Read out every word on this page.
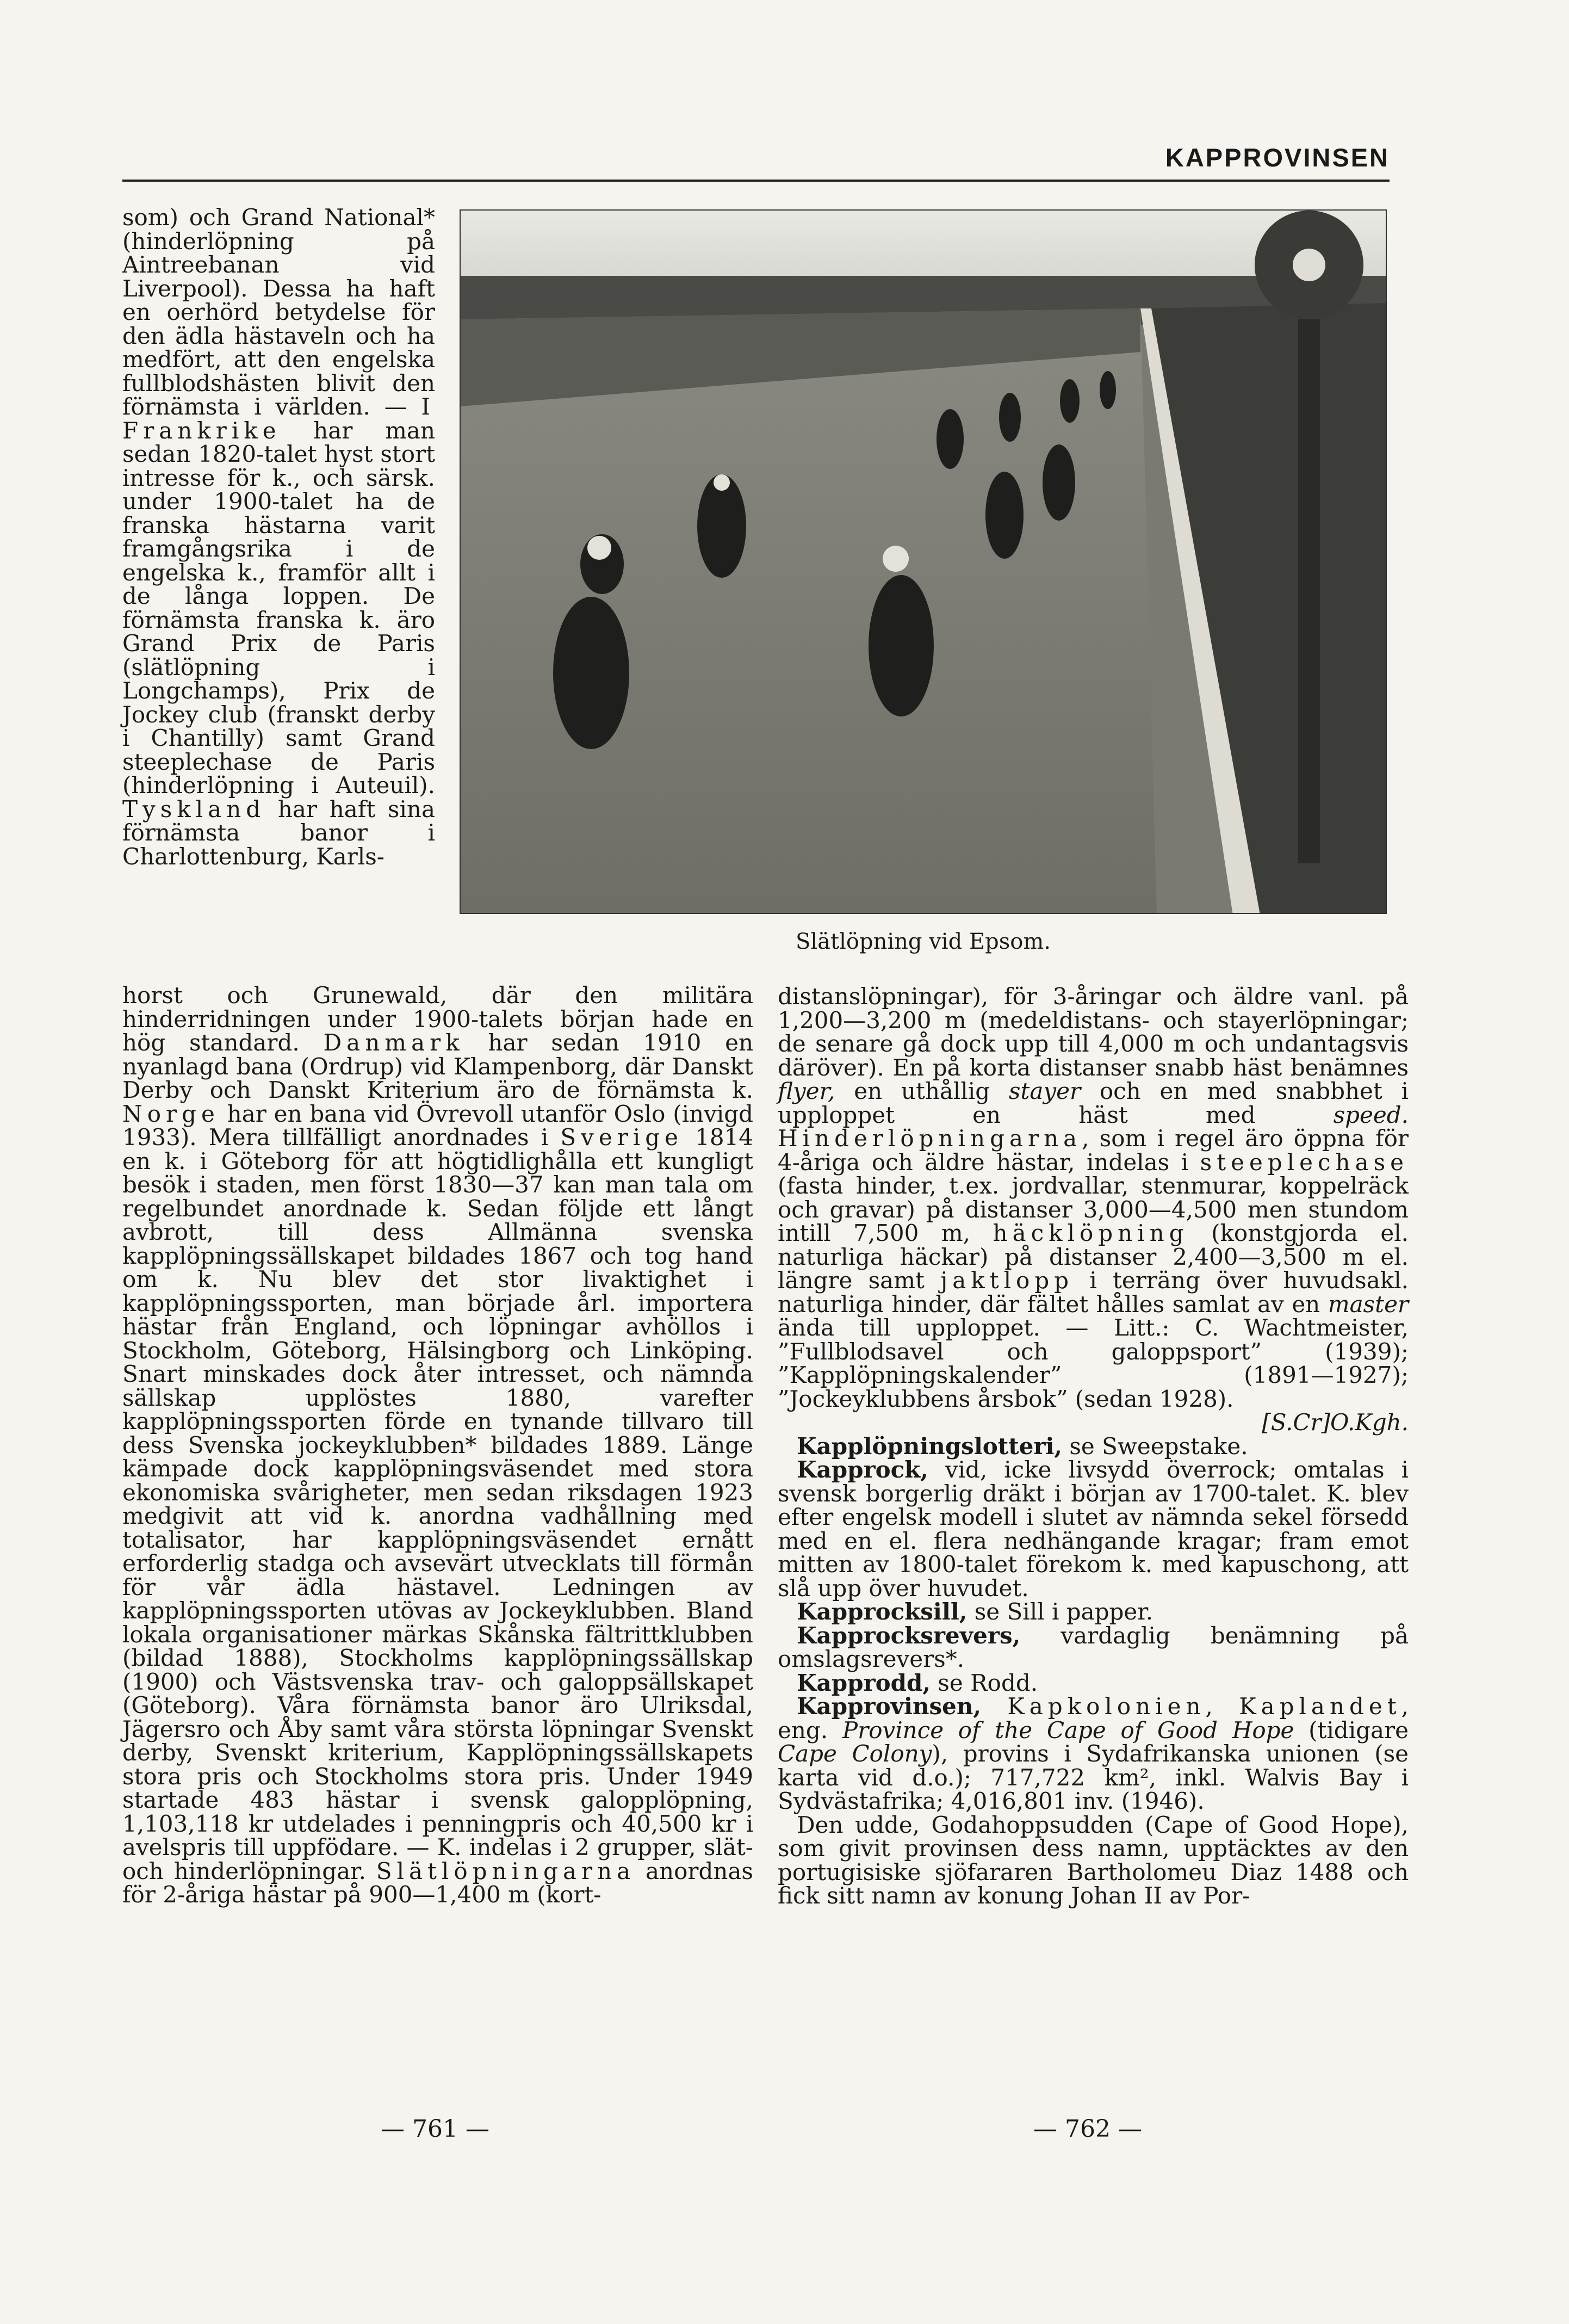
KAPPROVINSEN
Slätlöpning vid Epsom.

som) och Grand National* (hinderlöpning på Aintreebanan vid Liverpool). Dessa ha haft en oerhörd betydelse för den ädla hästaveln och ha medfört, att den engelska fullblodshästen blivit den förnämsta i världen. — I Frankrike har man sedan 1820-talet hyst stort intresse för k., och särsk. under 1900-talet ha de franska hästarna varit framgångsrika i de engelska k., framför allt i de långa loppen. De förnämsta franska k. äro Grand Prix de Paris (slätlöpning i Longchamps), Prix de Jockey club (franskt derby i Chantilly) samt Grand steeplechase de Paris (hinderlöpning i Auteuil). Tyskland har haft sina förnämsta banor i Charlottenburg, Karls-

horst och Grunewald, där den militära hinderridningen under 1900-talets början hade en hög standard. Danmark har sedan 1910 en nyanlagd bana (Ordrup) vid Klampenborg, där Danskt Derby och Danskt Kriterium äro de förnämsta k. Norge har en bana vid Övrevoll utanför Oslo (invigd 1933). Mera tillfälligt anordnades i Sverige 1814 en k. i Göteborg för att högtidlighålla ett kungligt besök i staden, men först 1830—37 kan man tala om regelbundet anordnade k. Sedan följde ett långt avbrott, till dess Allmänna svenska kapplöpningssällskapet bildades 1867 och tog hand om k. Nu blev det stor livaktighet i kapplöpningssporten, man började årl. importera hästar från England, och löpningar avhöllos i Stockholm, Göteborg, Hälsingborg och Linköping. Snart minskades dock åter intresset, och nämnda sällskap upplöstes 1880, varefter kapplöpningssporten förde en tynande tillvaro till dess Svenska jockeyklubben* bildades 1889. Länge kämpade dock kapplöpningsväsendet med stora ekonomiska svårigheter, men sedan riksdagen 1923 medgivit att vid k. anordna vadhållning med totalisator, har kapplöpningsväsendet ernått erforderlig stadga och avsevärt utvecklats till förmån för vår ädla hästavel. Ledningen av kapplöpningssporten utövas av Jockeyklubben. Bland lokala organisationer märkas Skånska fältrittklubben (bildad 1888), Stockholms kapplöpningssällskap (1900) och Västsvenska trav- och galoppsällskapet (Göteborg). Våra förnämsta banor äro Ulriksdal, Jägersro och Åby samt våra största löpningar Svenskt derby, Svenskt kriterium, Kapplöpningssällskapets stora pris och Stockholms stora pris. Under 1949 startade 483 hästar i svensk galopplöpning, 1,103,118 kr utdelades i penningpris och 40,500 kr i avelspris till uppfödare. — K. indelas i 2 grupper, slät- och hinderlöpningar. Slätlöpningarna anordnas för 2-åriga hästar på 900—1,400 m (kort-

distanslöpningar), för 3-åringar och äldre vanl. på 1,200—3,200 m (medeldistans- och stayerlöpningar; de senare gå dock upp till 4,000 m och undantagsvis däröver). En på korta distanser snabb häst benämnes flyer, en uthållig stayer och en med snabbhet i upploppet en häst med speed. Hinderlöpningarna, som i regel äro öppna för 4-åriga och äldre hästar, indelas i steeplechase (fasta hinder, t.ex. jordvallar, stenmurar, koppelräck och gravar) på distanser 3,000—4,500 men stundom intill 7,500 m, häcklöpning (konstgjorda el. naturliga häckar) på distanser 2,400—3,500 m el. längre samt jaktlopp i terräng över huvudsakl. naturliga hinder, där fältet hålles samlat av en master ända till upploppet. — Litt.: C. Wachtmeister, ”Fullblodsavel och galoppsport” (1939); ”Kapplöpningskalender” (1891—1927); ”Jockeyklubbens årsbok” (sedan 1928).

[S.Cr]O.Kgh.

Kapplöpningslotteri, se Sweepstake.

Kapprock, vid, icke livsydd överrock; omtalas i svensk borgerlig dräkt i början av 1700-talet. K. blev efter engelsk modell i slutet av nämnda sekel försedd med en el. flera nedhängande kragar; fram emot mitten av 1800-talet förekom k. med kapuschong, att slå upp över huvudet.

Kapprocksill, se Sill i papper.

Kapprocksrevers, vardaglig benämning på omslagsrevers*.

Kapprodd, se Rodd.

Kapprovinsen, Kapkolonien, Kaplandet, eng. Province of the Cape of Good Hope (tidigare Cape Colony), provins i Sydafrikanska unionen (se karta vid d.o.); 717,722 km², inkl. Walvis Bay i Sydvästafrika; 4,016,801 inv. (1946).

Den udde, Godahoppsudden (Cape of Good Hope), som givit provinsen dess namn, upptäcktes av den portugisiske sjöfararen Bartholomeu Diaz 1488 och fick sitt namn av konung Johan II av Por-

— 761 —	— 762 —
